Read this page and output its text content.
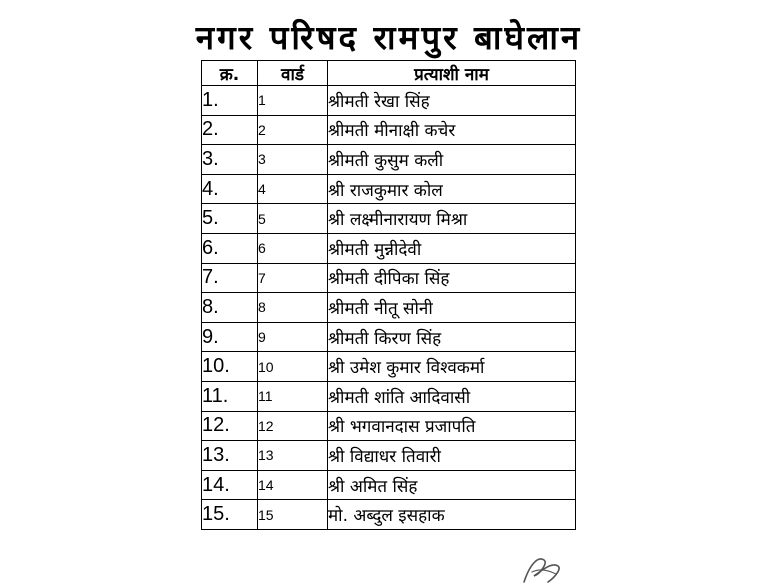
नगर परिषद रामपुर बाघेलान
क्र.	वार्ड	प्रत्याशी नाम
1.	1	श्रीमती रेखा सिंह
2.	2	श्रीमती मीनाक्षी कचेर
3.	3	श्रीमती कुसुम कली
4.	4	श्री राजकुमार कोल
5.	5	श्री लक्ष्मीनारायण मिश्रा
6.	6	श्रीमती मुन्नीदेवी
7.	7	श्रीमती दीपिका सिंह
8.	8	श्रीमती नीतू सोनी
9.	9	श्रीमती किरण सिंह
10.	10	श्री उमेश कुमार विश्वकर्मा
11.	11	श्रीमती शांति आदिवासी
12.	12	श्री भगवानदास प्रजापति
13.	13	श्री विद्याधर तिवारी
14.	14	श्री अमित सिंह
15.	15	मो. अब्दुल इसहाक
